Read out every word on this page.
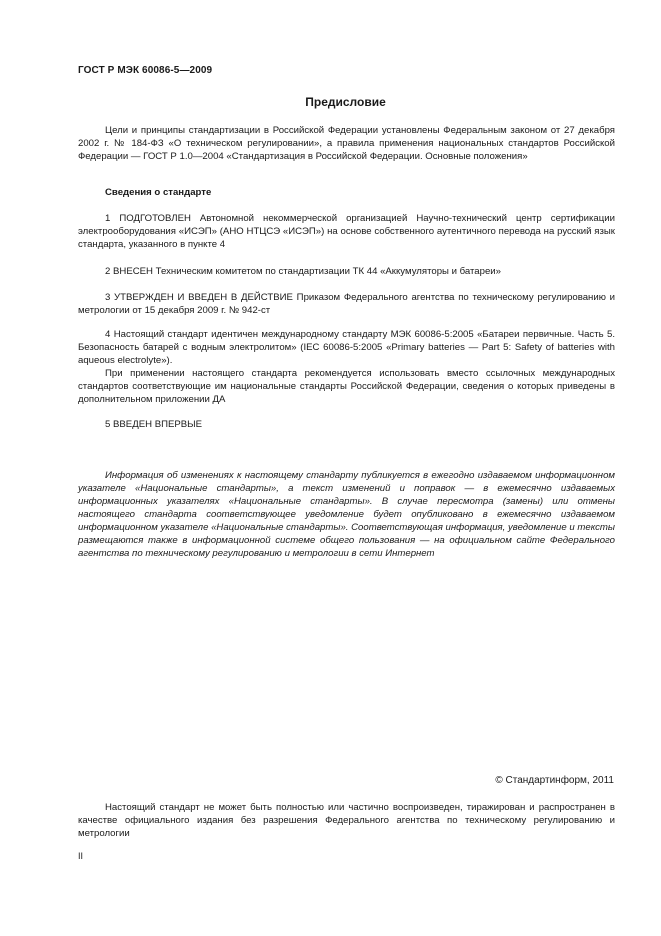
ГОСТ Р МЭК 60086-5—2009
Предисловие

Цели и принципы стандартизации в Российской Федерации установлены Федеральным законом от 27 декабря 2002 г. № 184-ФЗ «О техническом регулировании», а правила применения национальных стандартов Российской Федерации — ГОСТ Р 1.0—2004 «Стандартизация в Российской Федерации. Основные положения»

Сведения о стандарте

1 ПОДГОТОВЛЕН Автономной некоммерческой организацией Научно-технический центр сертификации электрооборудования «ИСЭП» (АНО НТЦСЭ «ИСЭП») на основе собственного аутентичного перевода на русский язык стандарта, указанного в пункте 4

2 ВНЕСЕН Техническим комитетом по стандартизации ТК 44 «Аккумуляторы и батареи»

3 УТВЕРЖДЕН И ВВЕДЕН В ДЕЙСТВИЕ Приказом Федерального агентства по техническому регулированию и метрологии от 15 декабря 2009 г. № 942-ст

4 Настоящий стандарт идентичен международному стандарту МЭК 60086-5:2005 «Батареи первичные. Часть 5. Безопасность батарей с водным электролитом» (IEC 60086-5:2005 «Primary batteries — Part 5: Safety of batteries with aqueous electrolyte»).

При применении настоящего стандарта рекомендуется использовать вместо ссылочных международных стандартов соответствующие им национальные стандарты Российской Федерации, сведения о которых приведены в дополнительном приложении ДА

5 ВВЕДЕН ВПЕРВЫЕ

Информация об изменениях к настоящему стандарту публикуется в ежегодно издаваемом информационном указателе «Национальные стандарты», а текст изменений и поправок — в ежемесячно издаваемых информационных указателях «Национальные стандарты». В случае пересмотра (замены) или отмены настоящего стандарта соответствующее уведомление будет опубликовано в ежемесячно издаваемом информационном указателе «Национальные стандарты». Соответствующая информация, уведомление и тексты размещаются также в информационной системе общего пользования — на официальном сайте Федерального агентства по техническому регулированию и метрологии в сети Интернет

© Стандартинформ, 2011

Настоящий стандарт не может быть полностью или частично воспроизведен, тиражирован и распространен в качестве официального издания без разрешения Федерального агентства по техническому регулированию и метрологии

II
